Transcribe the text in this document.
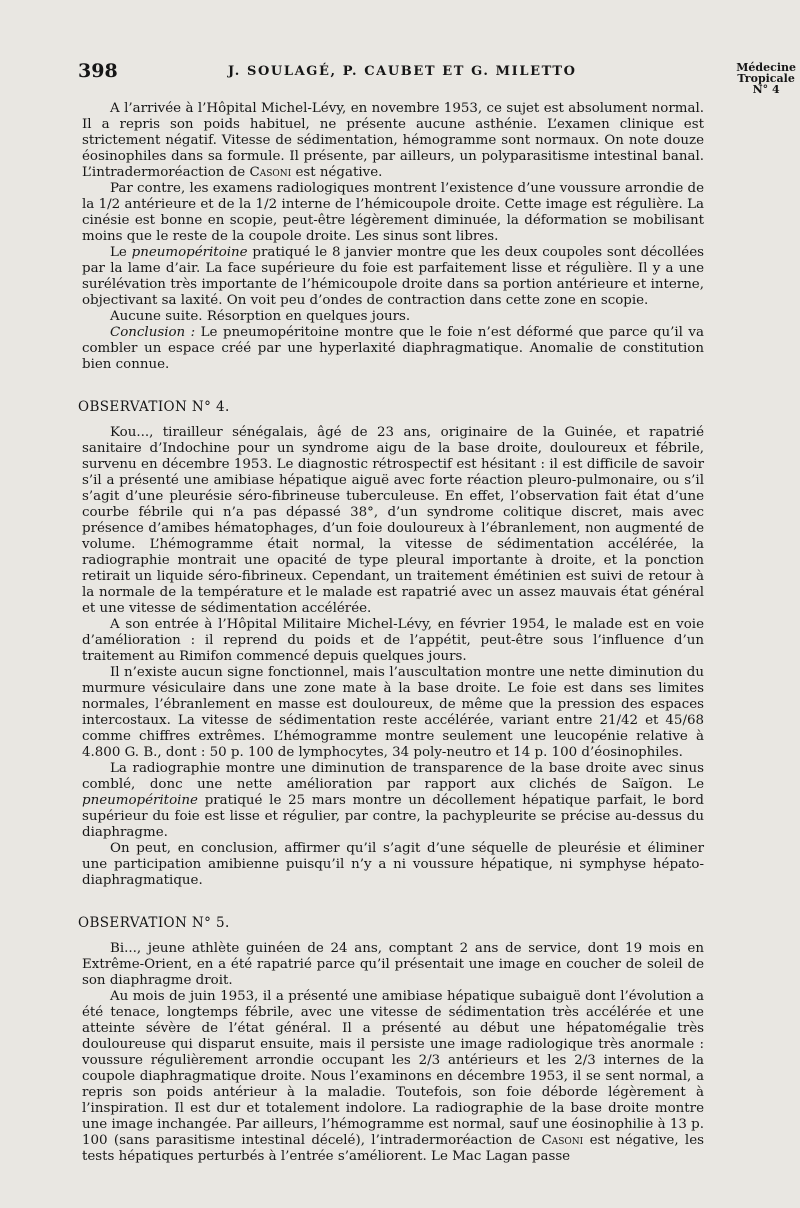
398	J. SOULAGÉ, P. CAUBET ET G. MILETTO	Médecine
Tropicale
N° 4

A l’arrivée à l’Hôpital Michel-Lévy, en novembre 1953, ce sujet est absolument normal. Il a repris son poids habituel, ne présente aucune asthénie. L’examen clinique est strictement négatif. Vitesse de sédimentation, hémogramme sont normaux. On note douze éosinophiles dans sa formule. Il présente, par ailleurs, un polyparasitisme intestinal banal. L’intradermoréaction de Casoni est négative.

Par contre, les examens radiologiques montrent l’existence d’une voussure arrondie de la 1/2 antérieure et de la 1/2 interne de l’hémicoupole droite. Cette image est régulière. La cinésie est bonne en scopie, peut-être légèrement diminuée, la déformation se mobilisant moins que le reste de la coupole droite. Les sinus sont libres.

Le pneumopéritoine pratiqué le 8 janvier montre que les deux coupoles sont décollées par la lame d’air. La face supérieure du foie est parfaitement lisse et régulière. Il y a une surélévation très importante de l’hémicoupole droite dans sa portion antérieure et interne, objectivant sa laxité. On voit peu d’ondes de contraction dans cette zone en scopie.

Aucune suite. Résorption en quelques jours.

Conclusion : Le pneumopéritoine montre que le foie n’est déformé que parce qu’il va combler un espace créé par une hyperlaxité diaphragmatique. Anomalie de constitution bien connue.

OBSERVATION N° 4.

Kou..., tirailleur sénégalais, âgé de 23 ans, originaire de la Guinée, et rapatrié sanitaire d’Indochine pour un syndrome aigu de la base droite, douloureux et fébrile, survenu en décembre 1953. Le diagnostic rétrospectif est hésitant : il est difficile de savoir s’il a présenté une amibiase hépatique aiguë avec forte réaction pleuro-pulmonaire, ou s’il s’agit d’une pleurésie séro-fibrineuse tuberculeuse. En effet, l’observation fait état d’une courbe fébrile qui n’a pas dépassé 38°, d’un syndrome colitique discret, mais avec présence d’amibes hématophages, d’un foie douloureux à l’ébranlement, non augmenté de volume. L’hémogramme était normal, la vitesse de sédimentation accélérée, la radiographie montrait une opacité de type pleural importante à droite, et la ponction retirait un liquide séro-fibrineux. Cependant, un traitement émétinien est suivi de retour à la normale de la température et le malade est rapatrié avec un assez mauvais état général et une vitesse de sédimentation accélérée.

A son entrée à l’Hôpital Militaire Michel-Lévy, en février 1954, le malade est en voie d’amélioration : il reprend du poids et de l’appétit, peut-être sous l’influence d’un traitement au Rimifon commencé depuis quelques jours.

Il n’existe aucun signe fonctionnel, mais l’auscultation montre une nette diminution du murmure vésiculaire dans une zone mate à la base droite. Le foie est dans ses limites normales, l’ébranlement en masse est douloureux, de même que la pression des espaces intercostaux. La vitesse de sédimentation reste accélérée, variant entre 21/42 et 45/68 comme chiffres extrêmes. L’hémogramme montre seulement une leucopénie relative à 4.800 G. B., dont : 50 p. 100 de lymphocytes, 34 poly-neutro et 14 p. 100 d’éosinophiles.

La radiographie montre une diminution de transparence de la base droite avec sinus comblé, donc une nette amélioration par rapport aux clichés de Saïgon. Le pneumopéritoine pratiqué le 25 mars montre un décollement hépatique parfait, le bord supérieur du foie est lisse et régulier, par contre, la pachypleurite se précise au-dessus du diaphragme.

On peut, en conclusion, affirmer qu’il s’agit d’une séquelle de pleurésie et éliminer une participation amibienne puisqu’il n’y a ni voussure hépatique, ni symphyse hépato-diaphragmatique.

OBSERVATION N° 5.

Bi..., jeune athlète guinéen de 24 ans, comptant 2 ans de service, dont 19 mois en Extrême-Orient, en a été rapatrié parce qu’il présentait une image en coucher de soleil de son diaphragme droit.

Au mois de juin 1953, il a présenté une amibiase hépatique subaiguë dont l’évolution a été tenace, longtemps fébrile, avec une vitesse de sédimentation très accélérée et une atteinte sévère de l’état général. Il a présenté au début une hépatomégalie très douloureuse qui disparut ensuite, mais il persiste une image radiologique très anormale : voussure régulièrement arrondie occupant les 2/3 antérieurs et les 2/3 internes de la coupole diaphragmatique droite. Nous l’examinons en décembre 1953, il se sent normal, a repris son poids antérieur à la maladie. Toutefois, son foie déborde légèrement à l’inspiration. Il est dur et totalement indolore. La radiographie de la base droite montre une image inchangée. Par ailleurs, l’hémogramme est normal, sauf une éosinophilie à 13 p. 100 (sans parasitisme intestinal décelé), l’intradermoréaction de Casoni est négative, les tests hépatiques perturbés à l’entrée s’améliorent. Le Mac Lagan passe
